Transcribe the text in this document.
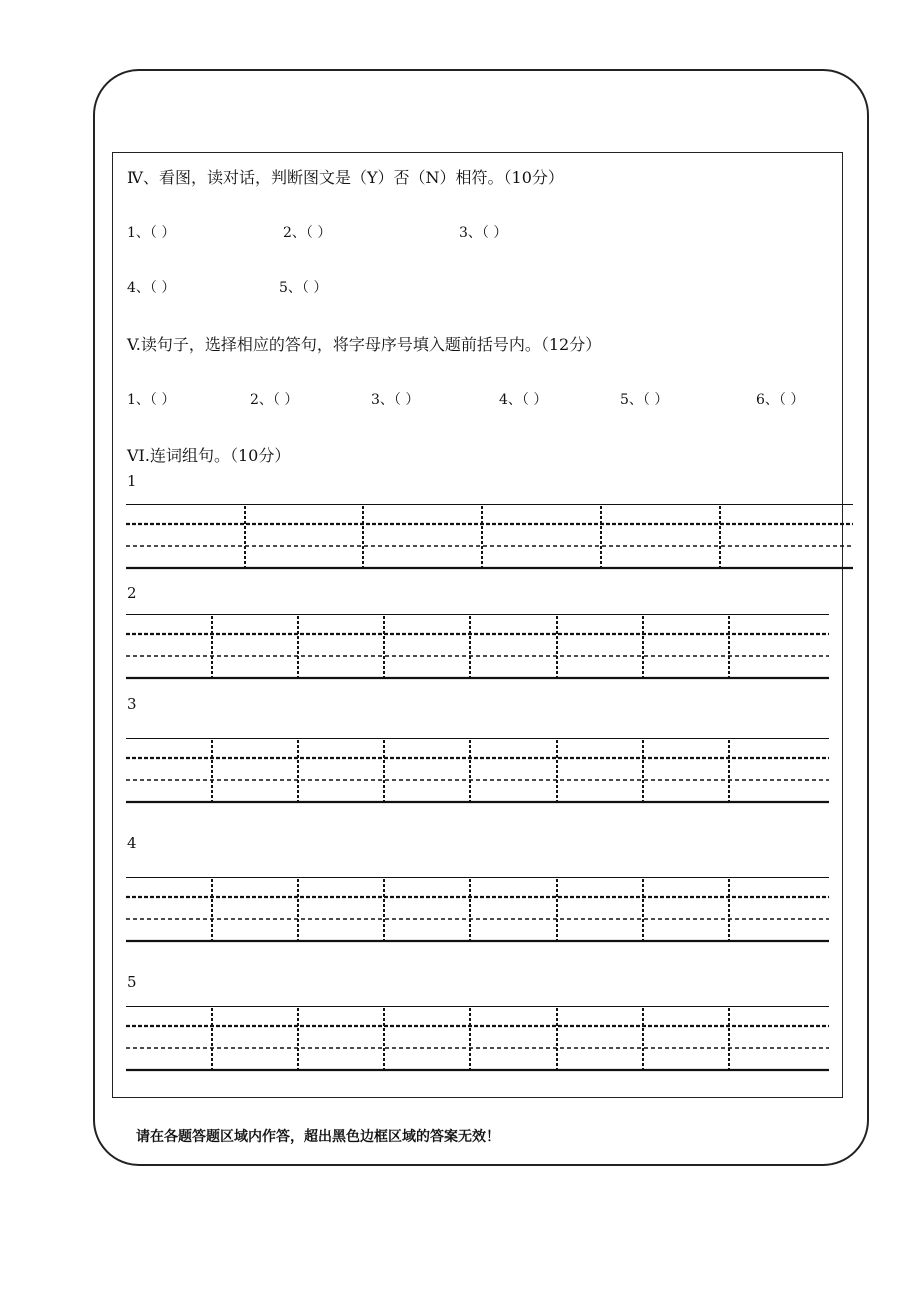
Ⅳ、看图，读对话，判断图文是（Y）否（N）相符。（10分）
1、（ ）	2、（ ）	3、（ ）
4、（ ）	5、（ ）
V.读句子，选择相应的答句，将字母序号填入题前括号内。（12分）
1、（ ）	2、（ ）	3、（ ）	4、（ ）	5、（ ）	6、（ ）
VI.连词组句。（10分）
1
2
3
4
5
请在各题答题区域内作答，超出黑色边框区域的答案无效！
